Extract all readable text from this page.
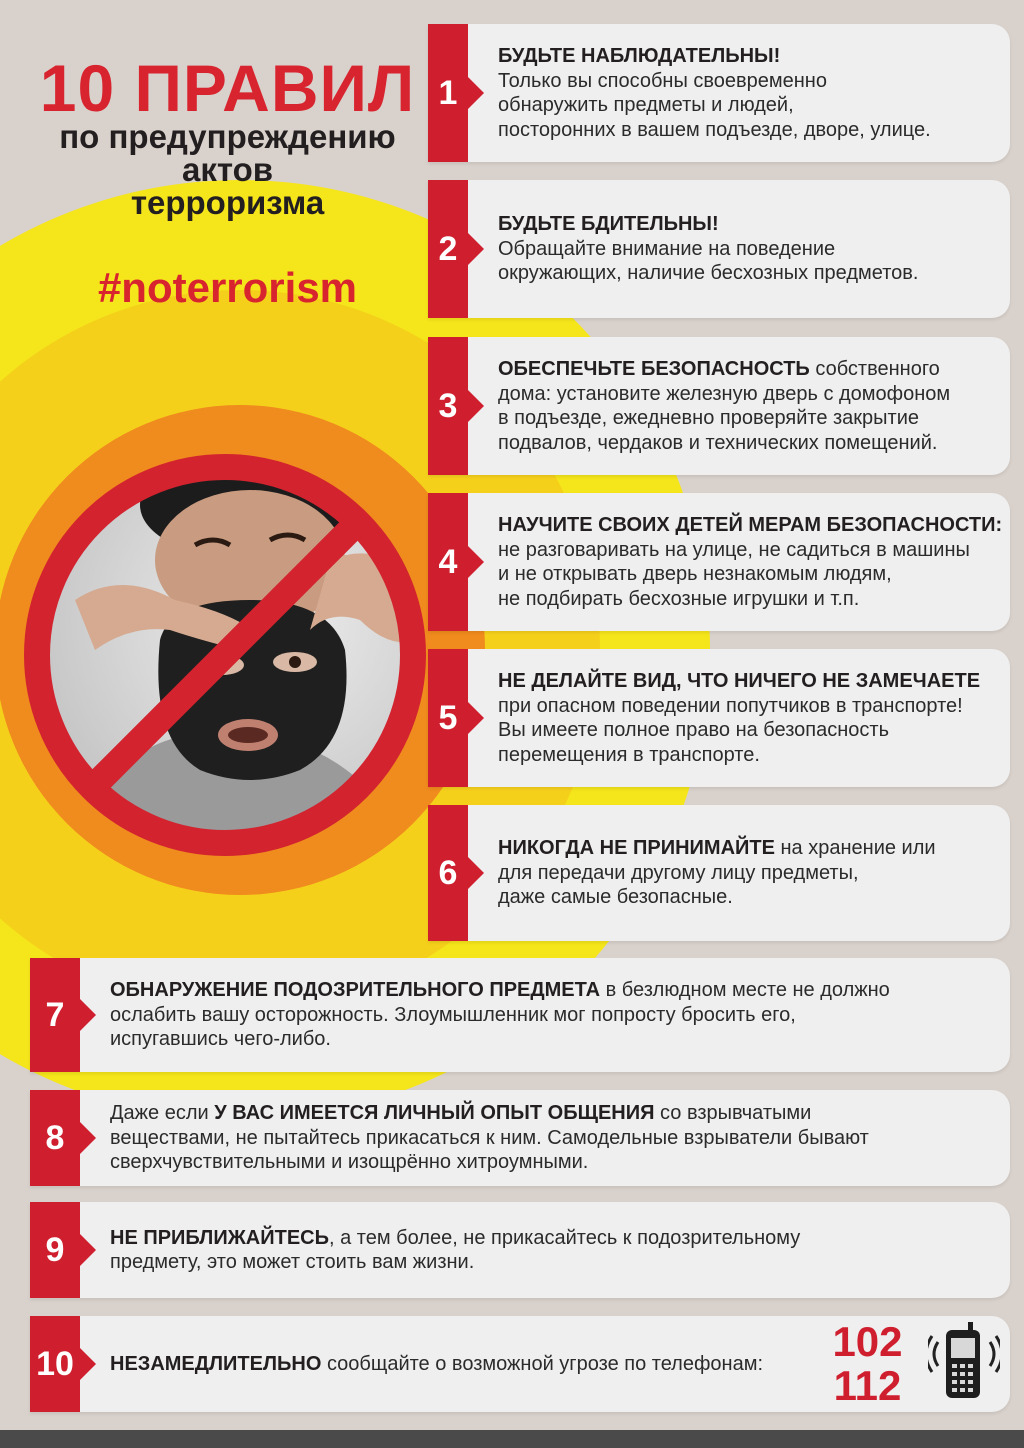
10 ПРАВИЛ
по предупреждению
актов
терроризма
#noterrorism
1
БУДЬТЕ НАБЛЮДАТЕЛЬНЫ!
Только вы способны своевременно
обнаружить предметы и людей,
посторонних в вашем подъезде, дворе, улице.
2
БУДЬТЕ БДИТЕЛЬНЫ!
Обращайте внимание на поведение
окружающих, наличие бесхозных предметов.
3
ОБЕСПЕЧЬТЕ БЕЗОПАСНОСТЬ собственного
дома: установите железную дверь с домофоном
в подъезде, ежедневно проверяйте закрытие
подвалов, чердаков и технических помещений.
4
НАУЧИТЕ СВОИХ ДЕТЕЙ МЕРАМ БЕЗОПАСНОСТИ:
не разговаривать на улице, не садиться в машины
и не открывать дверь незнакомым людям,
не подбирать бесхозные игрушки и т.п.
5
НЕ ДЕЛАЙТЕ ВИД, ЧТО НИЧЕГО НЕ ЗАМЕЧАЕТЕ
при опасном поведении попутчиков в транспорте!
Вы имеете полное право на безопасность
перемещения в транспорте.
6
НИКОГДА НЕ ПРИНИМАЙТЕ на хранение или
для передачи другому лицу предметы,
даже самые безопасные.
7
ОБНАРУЖЕНИЕ ПОДОЗРИТЕЛЬНОГО ПРЕДМЕТА в безлюдном месте не должно
ослабить вашу осторожность. Злоумышленник мог попросту бросить его,
испугавшись чего-либо.
8
Даже если У ВАС ИМЕЕТСЯ ЛИЧНЫЙ ОПЫТ ОБЩЕНИЯ со взрывчатыми
веществами, не пытайтесь прикасаться к ним. Самодельные взрыватели бывают
сверхчувствительными и изощрённо хитроумными.
9	НЕ ПРИБЛИЖАЙТЕСЬ, а тем более, не прикасайтесь к подозрительному
предмету, это может стоить вам жизни.
10	НЕЗАМЕДЛИТЕЛЬНО сообщайте о возможной угрозе по телефонам:	102
112
